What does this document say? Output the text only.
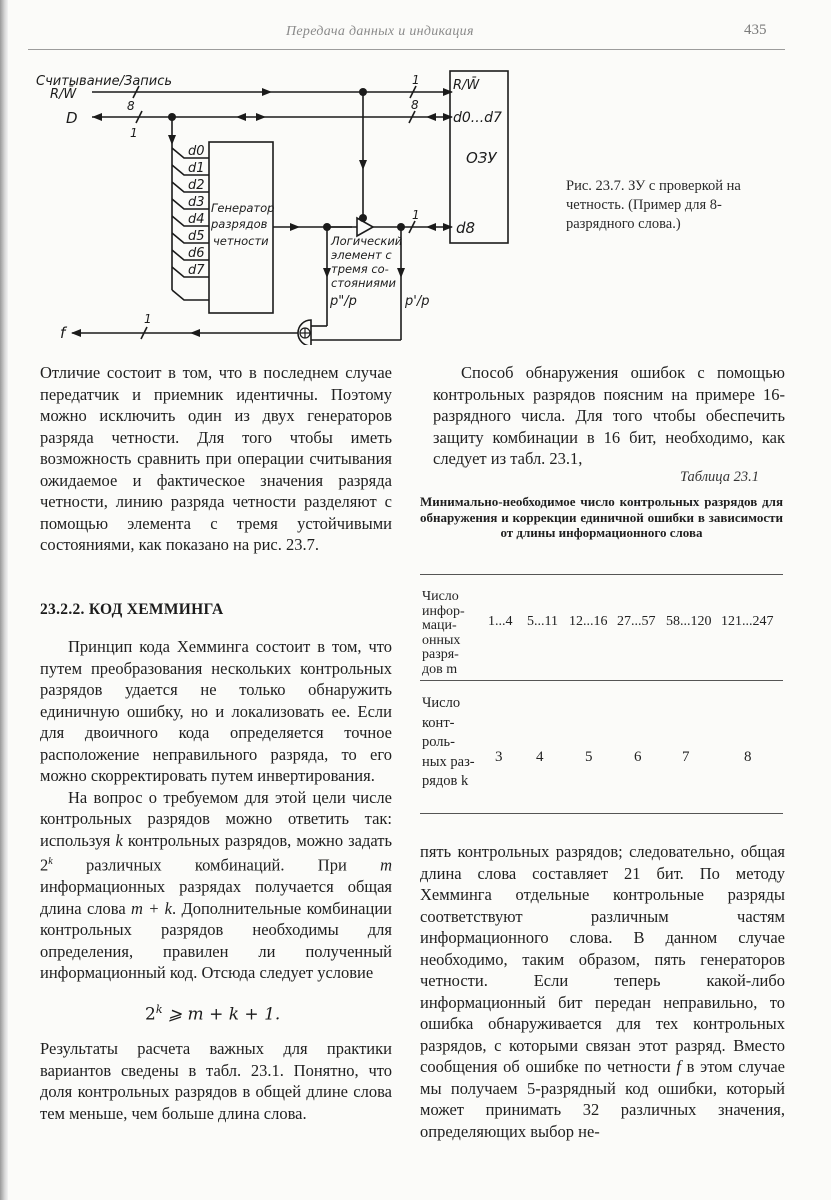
Передача данных и индикация	435
Считывание/Запись
R/W̄
D
8
1
1
8
1
1
R/W̄
d0...d7
ОЗУ
d8
Генератор
разрядов
четности
d0
d1
d2
d3
d4
d5
d6
d7
Логический
элемент с
тремя со-
стояниями
p"/p	p'/p
f
Рис. 23.7. ЗУ с проверкой на четность. (Пример для 8-разрядного слова.)

Отличие состоит в том, что в последнем случае передатчик и приемник идентичны. Поэтому можно исключить один из двух генераторов разряда четности. Для того чтобы иметь возможность сравнить при операции считывания ожидаемое и фактическое значения разряда четности, линию разряда четности разделяют с помощью элемента с тремя устойчивыми состояниями, как показано на рис. 23.7.

23.2.2. КОД ХЕММИНГА

Принцип кода Хемминга состоит в том, что путем преобразования нескольких контрольных разрядов удается не только обнаружить единичную ошибку, но и локализовать ее. Если для двоичного кода определяется точное расположение неправильного разряда, то его можно скорректировать путем инвертирования.

На вопрос о требуемом для этой цели числе контрольных разрядов можно ответить так: используя k контрольных разрядов, можно задать 2$^k$ различных комбинаций. При m информационных разрядах получается общая длина слова m + k. Дополнительные комбинации контрольных разрядов необходимы для определения, правилен ли полученный информационный код. Отсюда следует условие

2$^k$ ⩾ m + k + 1.

Результаты расчета важных для практики вариантов сведены в табл. 23.1. Понятно, что доля контрольных разрядов в общей длине слова тем меньше, чем больше длина слова.

Способ обнаружения ошибок с помощью контрольных разрядов поясним на примере 16-разрядного числа. Для того чтобы обеспечить защиту комбинации в 16 бит, необходимо, как следует из табл. 23.1,

Таблица 23.1
Минимально-необходимое число контрольных разрядов для обнаружения и коррекции единичной ошибки в зависимости от длины информационного слова
Число
инфор-
маци-
онных
разря-
дов m
1...4 5...11 12...16 27...57 58...120 121...247
Число
конт-
роль-
ных раз-
рядов k
3 4	5	6	7	8

пять контрольных разрядов; следовательно, общая длина слова составляет 21 бит. По методу Хемминга отдельные контрольные разряды соответствуют различным частям информационного слова. В данном случае необходимо, таким образом, пять генераторов четности. Если теперь какой-либо информационный бит передан неправильно, то ошибка обнаруживается для тех контрольных разрядов, с которыми связан этот разряд. Вместо сообщения об ошибке по четности f в этом случае мы получаем 5-разрядный код ошибки, который может принимать 32 различных значения, определяющих выбор не-
